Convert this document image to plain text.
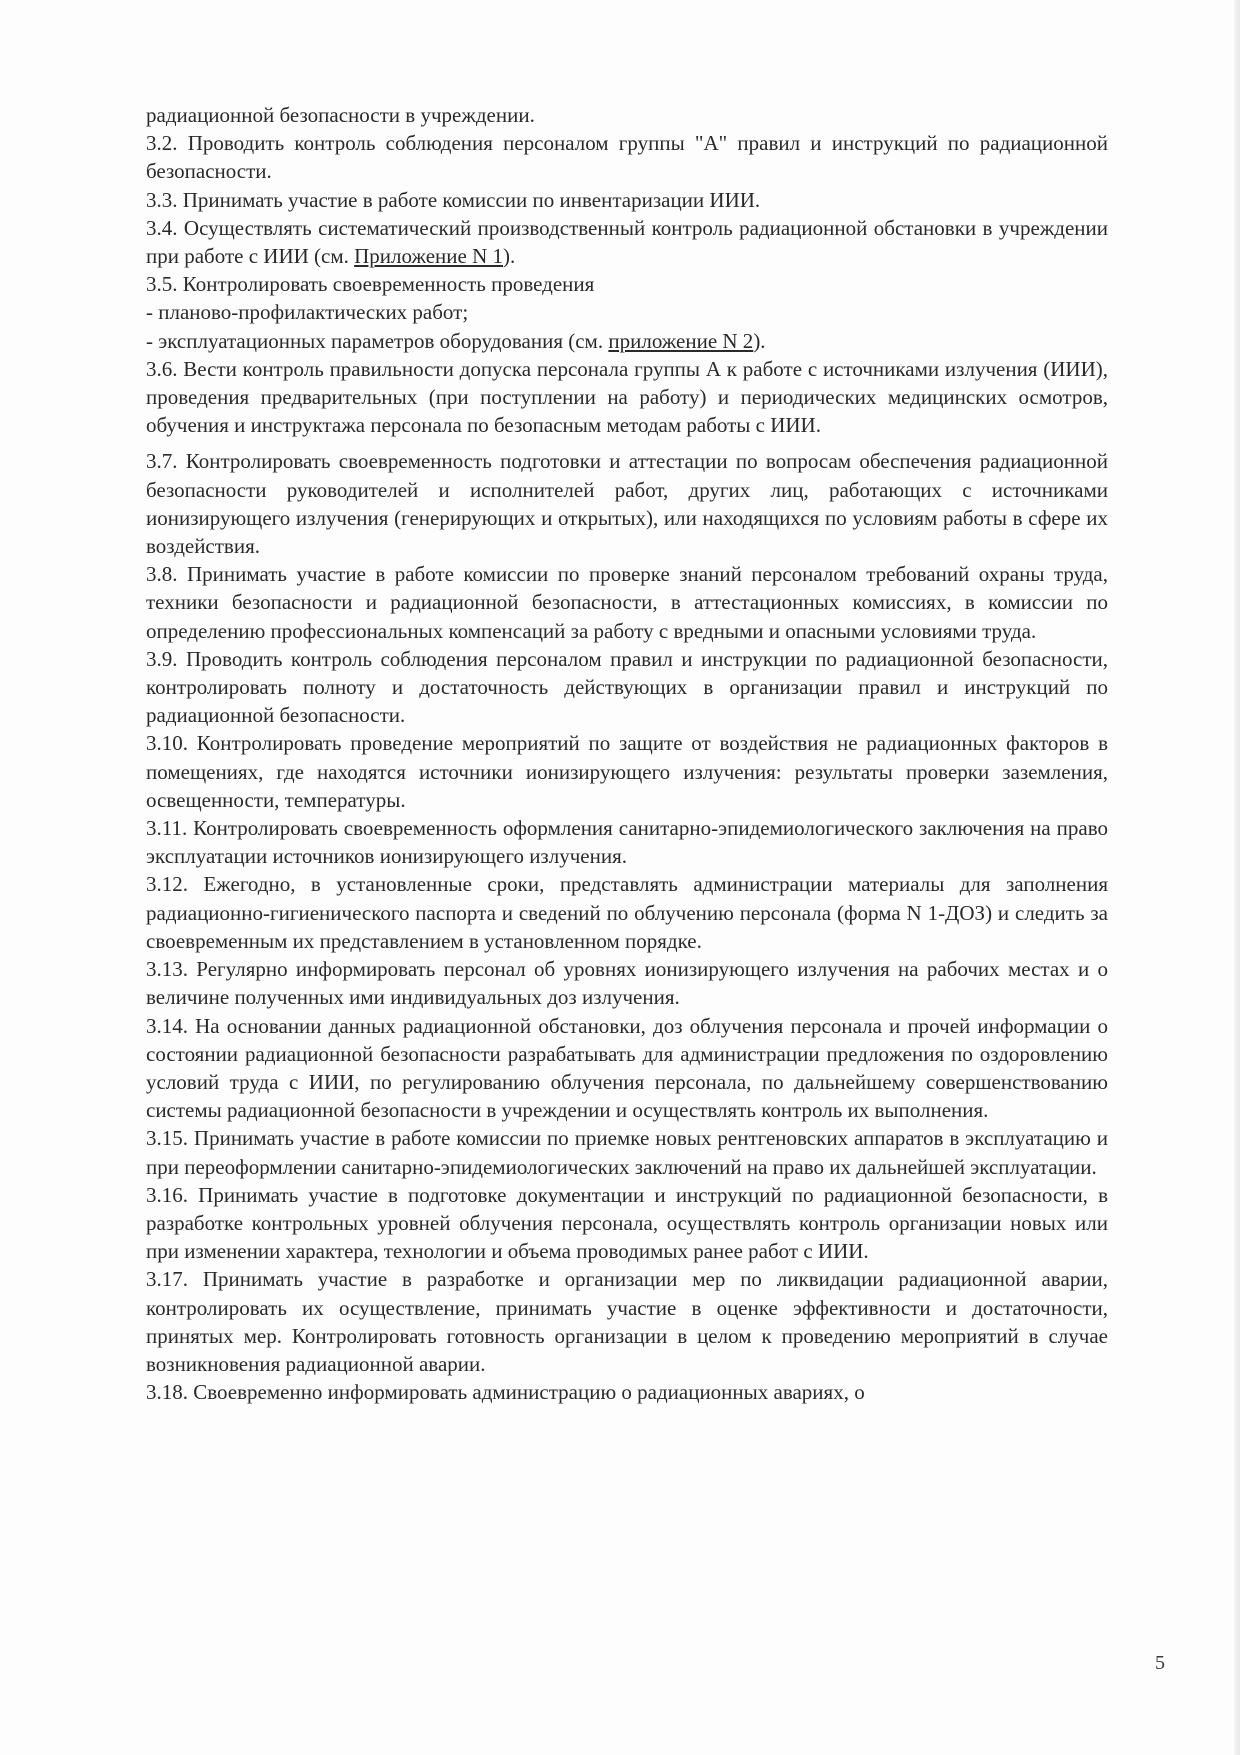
радиационной безопасности в учреждении.

3.2. Проводить контроль соблюдения персоналом группы "А" правил и инструкций по радиационной безопасности.

3.3. Принимать участие в работе комиссии по инвентаризации ИИИ.

3.4. Осуществлять систематический производственный контроль радиационной обстановки в учреждении при работе с ИИИ (см. Приложение N 1).

3.5. Контролировать своевременность проведения

- планово-профилактических работ;

- эксплуатационных параметров оборудования (см. приложение N 2).

3.6. Вести контроль правильности допуска персонала группы А к работе с источниками излучения (ИИИ), проведения предварительных (при поступлении на работу) и периодических медицинских осмотров, обучения и инструктажа персонала по безопасным методам работы с ИИИ.

3.7. Контролировать своевременность подготовки и аттестации по вопросам обеспечения радиационной безопасности руководителей и исполнителей работ, других лиц, работающих с источниками ионизирующего излучения (генерирующих и открытых), или находящихся по условиям работы в сфере их воздействия.

3.8. Принимать участие в работе комиссии по проверке знаний персоналом требований охраны труда, техники безопасности и радиационной безопасности, в аттестационных комиссиях, в комиссии по определению профессиональных компенсаций за работу с вредными и опасными условиями труда.

3.9. Проводить контроль соблюдения персоналом правил и инструкции по радиационной безопасности, контролировать полноту и достаточность действующих в организации правил и инструкций по радиационной безопасности.

3.10. Контролировать проведение мероприятий по защите от воздействия не радиационных факторов в помещениях, где находятся источники ионизирующего излучения: результаты проверки заземления, освещенности, температуры.

3.11. Контролировать своевременность оформления санитарно-эпидемиологического заключения на право эксплуатации источников ионизирующего излучения.

3.12. Ежегодно, в установленные сроки, представлять администрации материалы для заполнения радиационно-гигиенического паспорта и сведений по облучению персонала (форма N 1-ДОЗ) и следить за своевременным их представлением в установленном порядке.

3.13. Регулярно информировать персонал об уровнях ионизирующего излучения на рабочих местах и о величине полученных ими индивидуальных доз излучения.

3.14. На основании данных радиационной обстановки, доз облучения персонала и прочей информации о состоянии радиационной безопасности разрабатывать для администрации предложения по оздоровлению условий труда с ИИИ, по регулированию облучения персонала, по дальнейшему совершенствованию системы радиационной безопасности в учреждении и осуществлять контроль их выполнения.

3.15. Принимать участие в работе комиссии по приемке новых рентгеновских аппаратов в эксплуатацию и при переоформлении санитарно-эпидемиологических заключений на право их дальнейшей эксплуатации.

3.16. Принимать участие в подготовке документации и инструкций по радиационной безопасности, в разработке контрольных уровней облучения персонала, осуществлять контроль организации новых или при изменении характера, технологии и объема проводимых ранее работ с ИИИ.

3.17. Принимать участие в разработке и организации мер по ликвидации радиационной аварии, контролировать их осуществление, принимать участие в оценке эффективности и достаточности, принятых мер. Контролировать готовность организации в целом к проведению мероприятий в случае возникновения радиационной аварии.

3.18. Своевременно информировать администрацию о радиационных авариях, о

5
